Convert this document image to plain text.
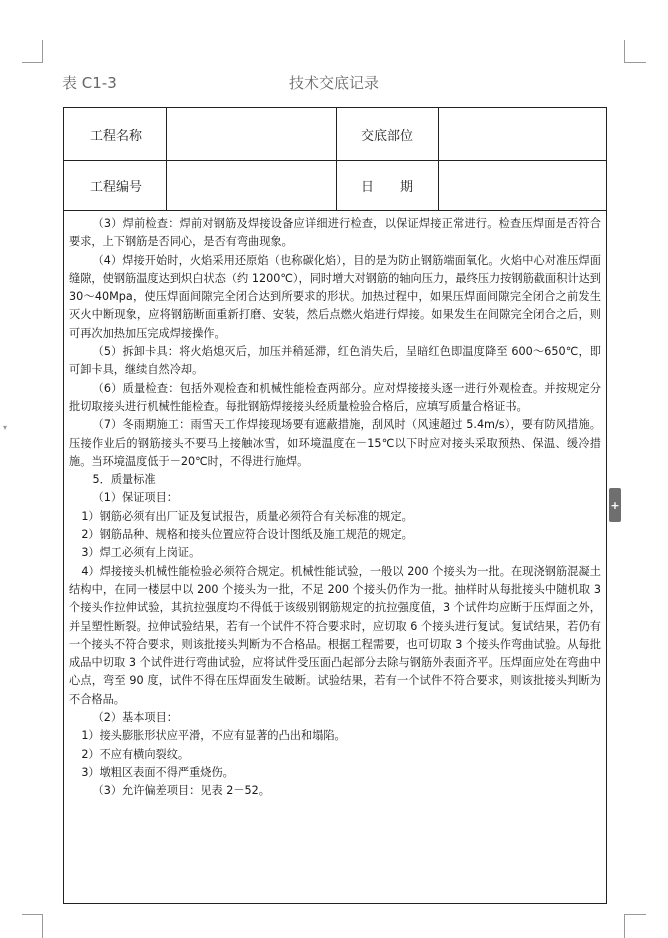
▾
表 C1-3	技术交底记录
工程名称	交底部位
工程编号	日　　期

（3）焊前检查：焊前对钢筋及焊接设备应详细进行检查，以保证焊接正常进行。检查压焊面是否符合要求，上下钢筋是否同心，是否有弯曲现象。

（4）焊接开始时，火焰采用还原焰（也称碳化焰），目的是为防止钢筋端面氧化。火焰中心对准压焊面缝隙，使钢筋温度达到炽白状态（约 1200℃），同时增大对钢筋的轴向压力，最终压力按钢筋截面积计达到 30～40Mpa，使压焊面间隙完全闭合达到所要求的形状。加热过程中，如果压焊面间隙完全闭合之前发生灭火中断现象，应将钢筋断面重新打磨、安装，然后点燃火焰进行焊接。如果发生在间隙完全闭合之后，则可再次加热加压完成焊接操作。

（5）拆卸卡具：将火焰熄灭后，加压并稍延滞，红色消失后，呈暗红色即温度降至 600～650℃，即可卸卡具，继续自然冷却。

（6）质量检查：包括外观检查和机械性能检查两部分。应对焊接接头逐一进行外观检查。并按规定分批切取接头进行机械性能检查。每批钢筋焊接接头经质量检验合格后，应填写质量合格证书。

（7）冬雨期施工：雨雪天工作焊接现场要有遮蔽措施，刮风时（风速超过 5.4m/s），要有防风措施。压接作业后的钢筋接头不要马上接触冰雪，如环境温度在－15℃以下时应对接头采取预热、保温、缓冷措施。当环境温度低于－20℃时，不得进行施焊。

5．质量标准

（1）保证项目：

1）钢筋必须有出厂证及复试报告，质量必须符合有关标准的规定。

2）钢筋品种、规格和接头位置应符合设计图纸及施工规范的规定。

3）焊工必须有上岗证。

4）焊接接头机械性能检验必须符合规定。机械性能试验，一般以 200 个接头为一批。在现浇钢筋混凝土结构中，在同一楼层中以 200 个接头为一批，不足 200 个接头仍作为一批。抽样时从每批接头中随机取 3 个接头作拉伸试验，其抗拉强度均不得低于该级别钢筋规定的抗拉强度值，3 个试件均应断于压焊面之外，并呈塑性断裂。拉伸试验结果，若有一个试件不符合要求时，应切取 6 个接头进行复试。复试结果，若仍有一个接头不符合要求，则该批接头判断为不合格品。根据工程需要，也可切取 3 个接头作弯曲试验。从每批成品中切取 3 个试件进行弯曲试验，应将试件受压面凸起部分去除与钢筋外表面齐平。压焊面应处在弯曲中心点，弯至 90 度，试件不得在压焊面发生破断。试验结果，若有一个试件不符合要求，则该批接头判断为不合格品。

（2）基本项目：

1）接头膨胀形状应平滑，不应有显著的凸出和塌陷。

2）不应有横向裂纹。

3）墩粗区表面不得严重烧伤。

（3）允许偏差项目：见表 2－52。

+
